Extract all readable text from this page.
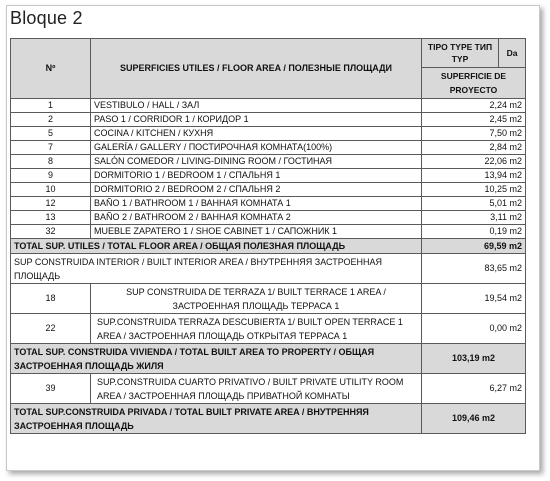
Bloque 2
Nº	SUPERFICIES UTILES / FLOOR AREA / ПОЛЕЗНЫЕ ПЛОЩАДИ	TIPO TYPE ТИП
TYP	Da

		SUPERFICIE DE
PROYECTO	

1	VESTIBULO / HALL / ЗАЛ	2,24 m2	
2	PASO 1 / CORRIDOR 1 / КОРИДОР 1	2,45 m2	
5	COCINA / KITCHEN / КУХНЯ	7,50 m2	
7	GALERÍA / GALLERY / ПОСТИРОЧНАЯ КОМНАТА(100%)	2,84 m2	
8	SALÓN COMEDOR / LIVING-DINING ROOM / ГОСТИНАЯ	22,06 m2	
9	DORMITORIO 1 / BEDROOM 1 / СПАЛЬНЯ 1	13,94 m2	
10	DORMITORIO 2 / BEDROOM 2 / СПАЛЬНЯ 2	10,25 m2	
12	BAÑO 1 / BATHROOM 1 / ВАННАЯ КОМНАТА 1	5,01 m2	
13	BAÑO 2 / BATHROOM 2 / ВАННАЯ КОМНАТА 2	3,11 m2	
32	MUEBLE ZAPATERO 1 / SHOE CABINET 1 / САПОЖНИК 1	0,19 m2	
TOTAL SUP. UTILES / TOTAL FLOOR AREA / ОБЩАЯ ПОЛЕЗНАЯ ПЛОЩАДЬ		69,59 m2	

SUP CONSTRUIDA INTERIOR / BUILT INTERIOR AREA / ВНУТРЕННЯЯ ЗАСТРОЕННАЯ
ПЛОЩАДЬ		83,65 m2	
18	SUP CONSTRUIDA DE TERRAZA 1/ BUILT TERRACE 1 AREA /
ЗАСТРОЕННАЯ ПЛОЩАДЬ ТЕРРАСА 1	19,54 m2	
22	SUP.CONSTRUIDA TERRAZA DESCUBIERTA 1/ BUILT OPEN TERRACE 1
AREA / ЗАСТРОЕННАЯ ПЛОЩАДЬ ОТКРЫТАЯ ТЕРРАСА 1	0,00 m2	

TOTAL SUP. CONSTRUIDA VIVIENDA / TOTAL BUILT AREA TO PROPERTY / ОБЩАЯ
ЗАСТРОЕННАЯ ПЛОЩАДЬ ЖИЛЯ		103,19 m2	
39	SUP.CONSTRUIDA CUARTO PRIVATIVO / BUILT PRIVATE UTILITY ROOM
AREA / ЗАСТРОЕННАЯ ПЛОЩАДЬ ПРИВАТНОЙ КОМНАТЫ	6,27 m2	

TOTAL SUP.CONSTRUIDA PRIVADA / TOTAL BUILT PRIVATE AREA / ВНУТРЕННЯЯ
ЗАСТРОЕННАЯ ПЛОЩАДЬ		109,46 m2	
